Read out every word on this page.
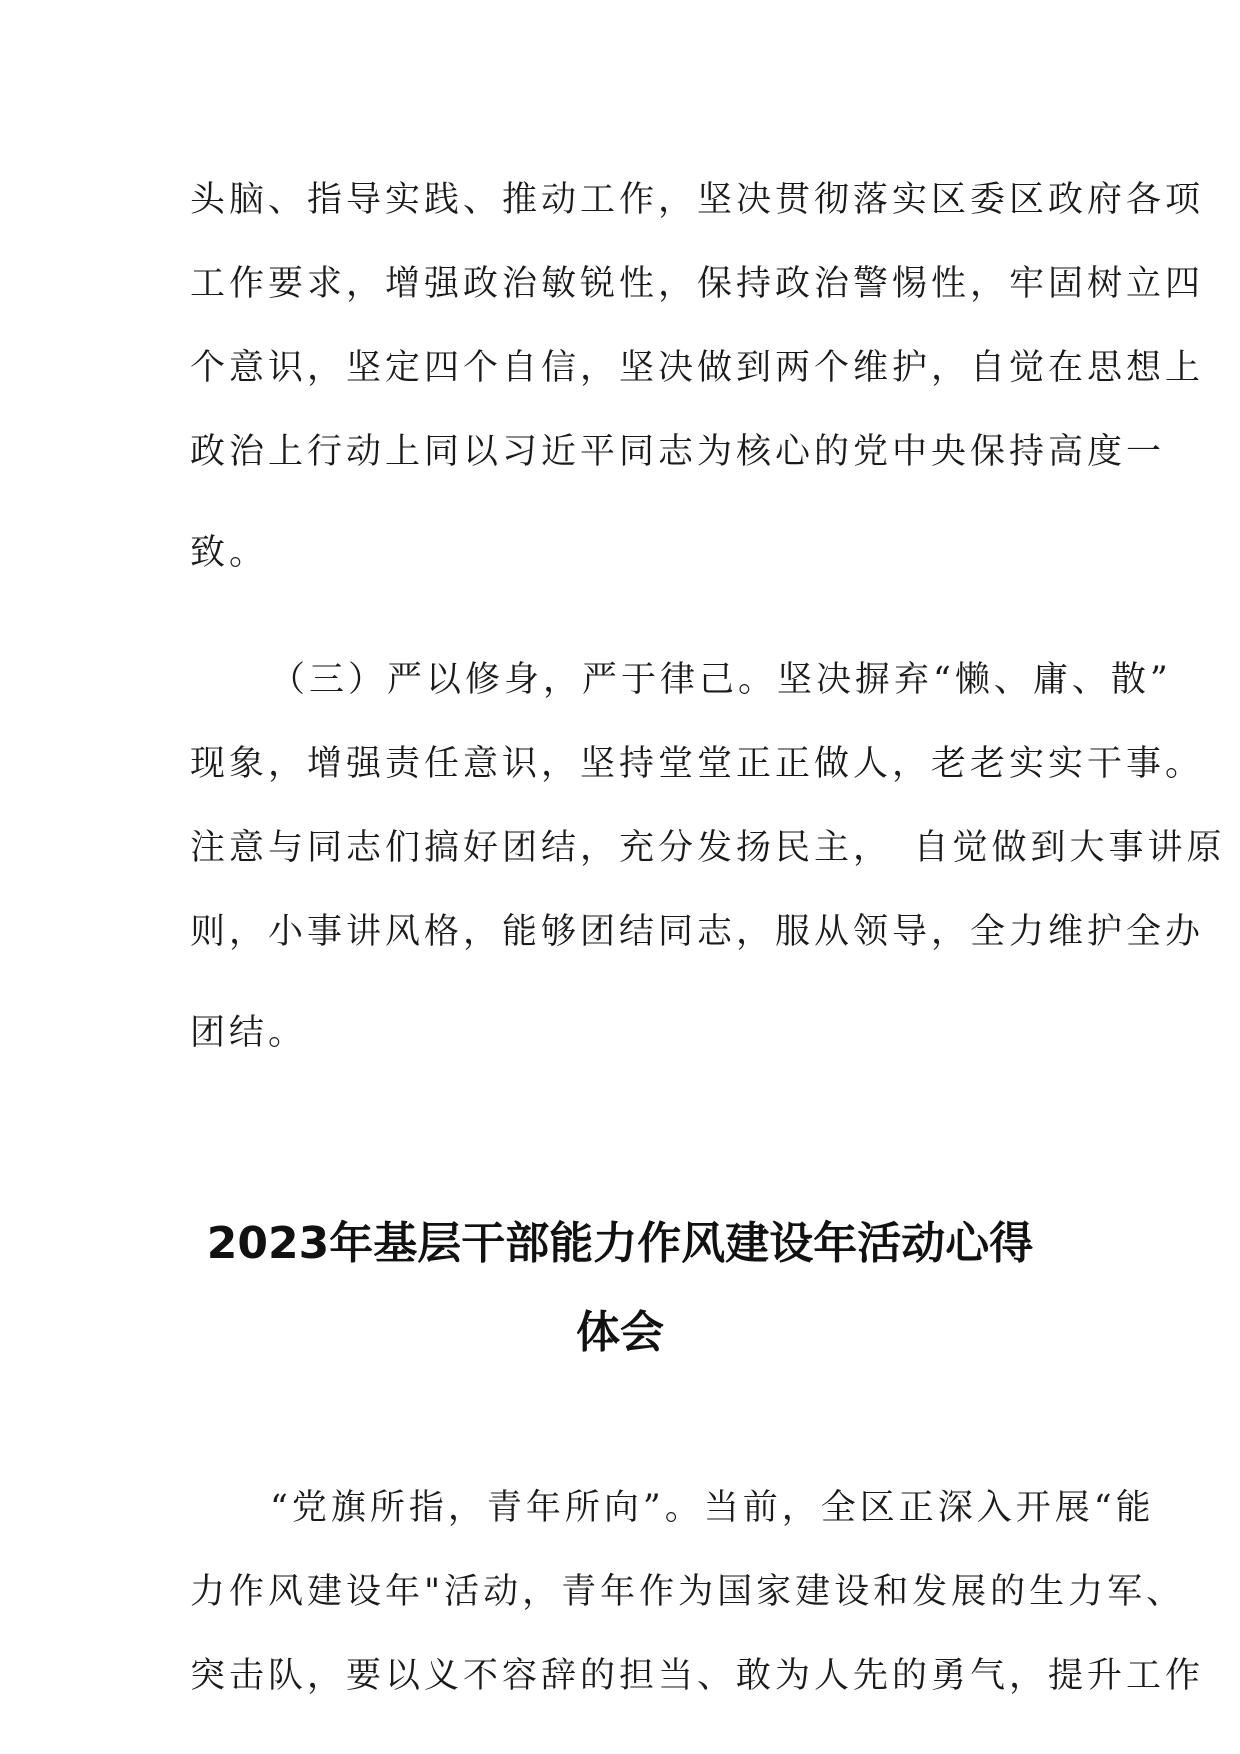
头脑、指导实践、推动工作，坚决贯彻落实区委区政府各项
工作要求，增强政治敏锐性，保持政治警惕性，牢固树立四
个意识，坚定四个自信，坚决做到两个维护，自觉在思想上
政治上行动上同以习近平同志为核心的党中央保持高度一
致。
（三）严以修身，严于律己。坚决摒弃“懒、庸、散”
现象，增强责任意识，坚持堂堂正正做人，老老实实干事。
注意与同志们搞好团结，充分发扬民主，　自觉做到大事讲原
则，小事讲风格，能够团结同志，服从领导，全力维护全办
团结。
2023年基层干部能力作风建设年活动心得
体会
“党旗所指，青年所向”。当前，全区正深入开展“能
力作风建设年"活动，青年作为国家建设和发展的生力军、
突击队，要以义不容辞的担当、敢为人先的勇气，提升工作
